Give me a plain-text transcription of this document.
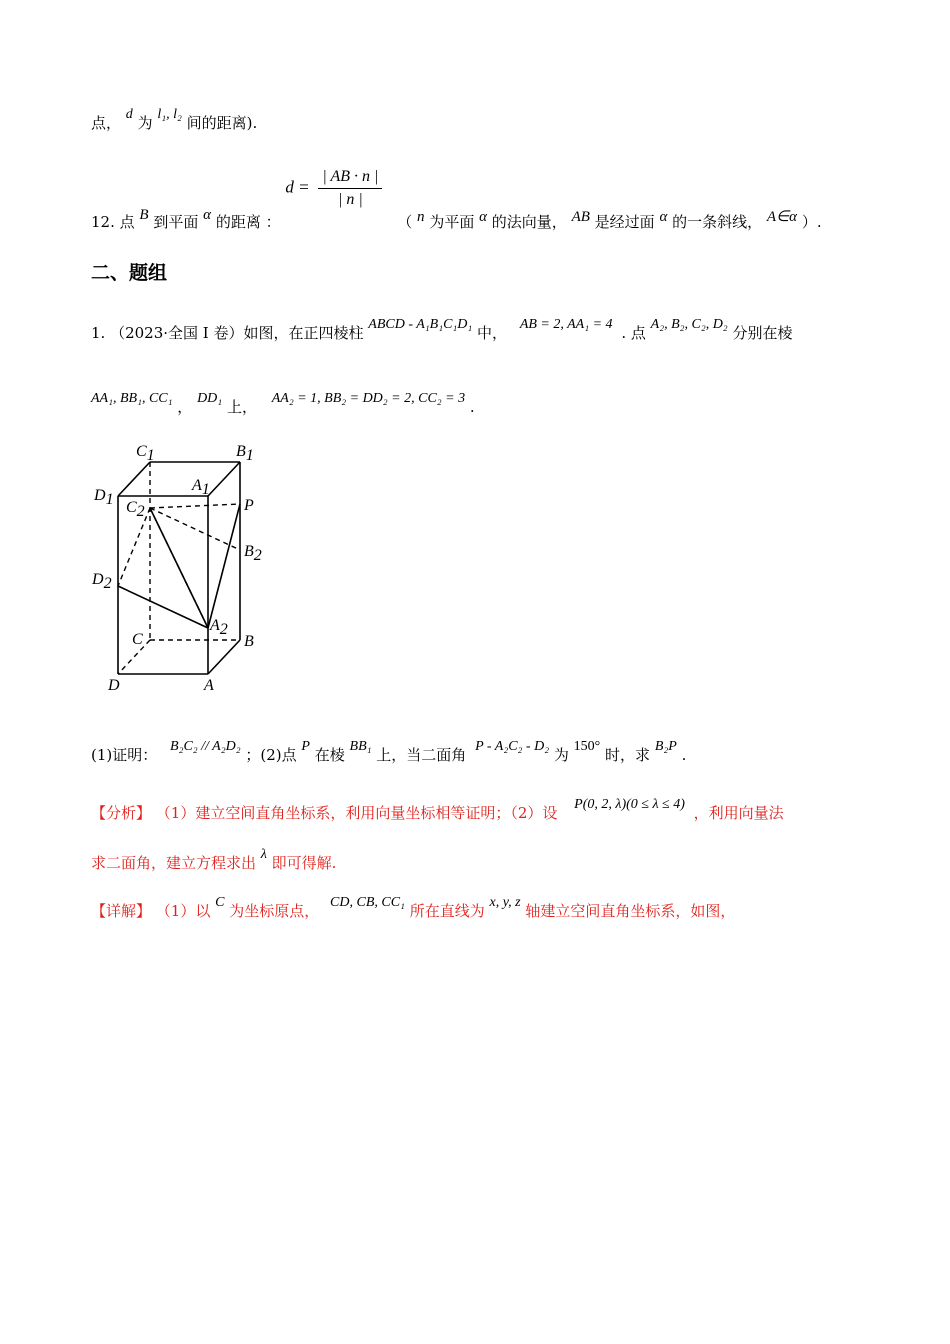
点， d 为 l₁, l₂ 间的距离).
12. 点 B 到平面 α 的距离 ： $d = \frac{| AB \cdot n |}{| n |}$
（ n 为平面 α 的法向量， AB 是经过面 α 的一条斜线， A∈α ）.
二、题组
1. （2023·全国 I 卷）如图，在正四棱柱 ABCD - A₁B₁C₁D₁ 中， AB = 2, AA₁ = 4 . 点 A₂, B₂, C₂, D₂ 分别在棱
AA₁, BB₁, CC₁ ， DD₁ 上， AA₂ = 1, BB₂ = DD₂ = 2, CC₂ = 3 .
C1	B1
A1
D1 C2	P
B2
D2
A2
C	B
D	A
(1)证明： B₂C₂ // A₂D₂ ；(2)点 P 在棱 BB₁ 上，当二面角 P - A₂C₂ - D₂ 为 150° 时，求 B₂P .
【分析】 （1）建立空间直角坐标系，利用向量坐标相等证明；（2）设 P(0, 2, λ)(0 ≤ λ ≤ 4) ，利用向量法
求二面角，建立方程求出 λ 即可得解.
【详解】 （1）以 C 为坐标原点， CD, CB, CC₁ 所在直线为 x, y, z 轴建立空间直角坐标系，如图，
